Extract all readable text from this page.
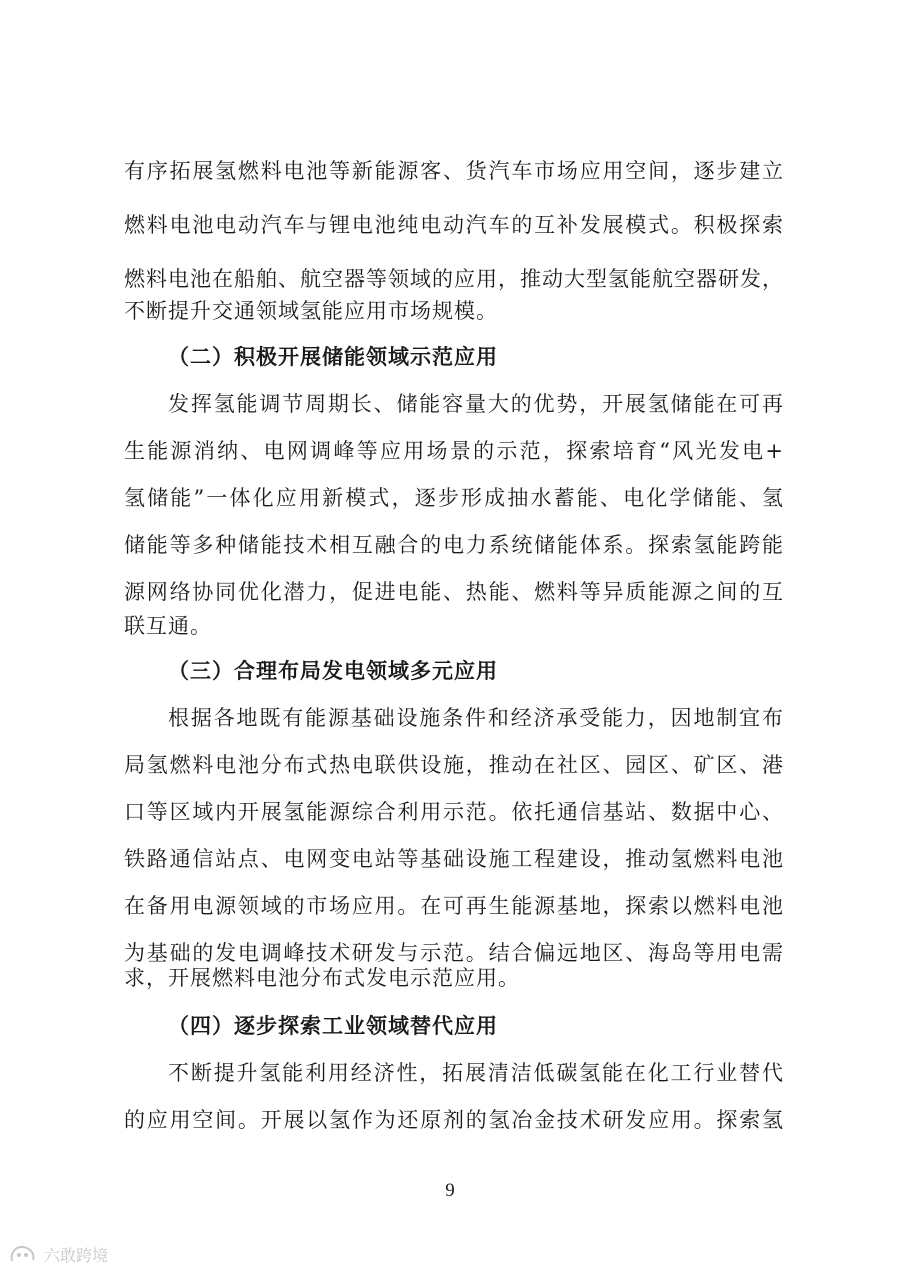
有序拓展氢燃料电池等新能源客、货汽车市场应用空间，逐步建立
燃料电池电动汽车与锂电池纯电动汽车的互补发展模式。积极探索
燃料电池在船舶、航空器等领域的应用，推动大型氢能航空器研发，
不断提升交通领域氢能应用市场规模。
（二）积极开展储能领域示范应用
发挥氢能调节周期长、储能容量大的优势，开展氢储能在可再
生能源消纳、电网调峰等应用场景的示范，探索培育“风光发电+
氢储能”一体化应用新模式，逐步形成抽水蓄能、电化学储能、氢
储能等多种储能技术相互融合的电力系统储能体系。探索氢能跨能
源网络协同优化潜力，促进电能、热能、燃料等异质能源之间的互
联互通。
（三）合理布局发电领域多元应用
根据各地既有能源基础设施条件和经济承受能力，因地制宜布
局氢燃料电池分布式热电联供设施，推动在社区、园区、矿区、港
口等区域内开展氢能源综合利用示范。依托通信基站、数据中心、
铁路通信站点、电网变电站等基础设施工程建设，推动氢燃料电池
在备用电源领域的市场应用。在可再生能源基地，探索以燃料电池
为基础的发电调峰技术研发与示范。结合偏远地区、海岛等用电需
求，开展燃料电池分布式发电示范应用。
（四）逐步探索工业领域替代应用
不断提升氢能利用经济性，拓展清洁低碳氢能在化工行业替代
的应用空间。开展以氢作为还原剂的氢冶金技术研发应用。探索氢
9
六敢跨境
